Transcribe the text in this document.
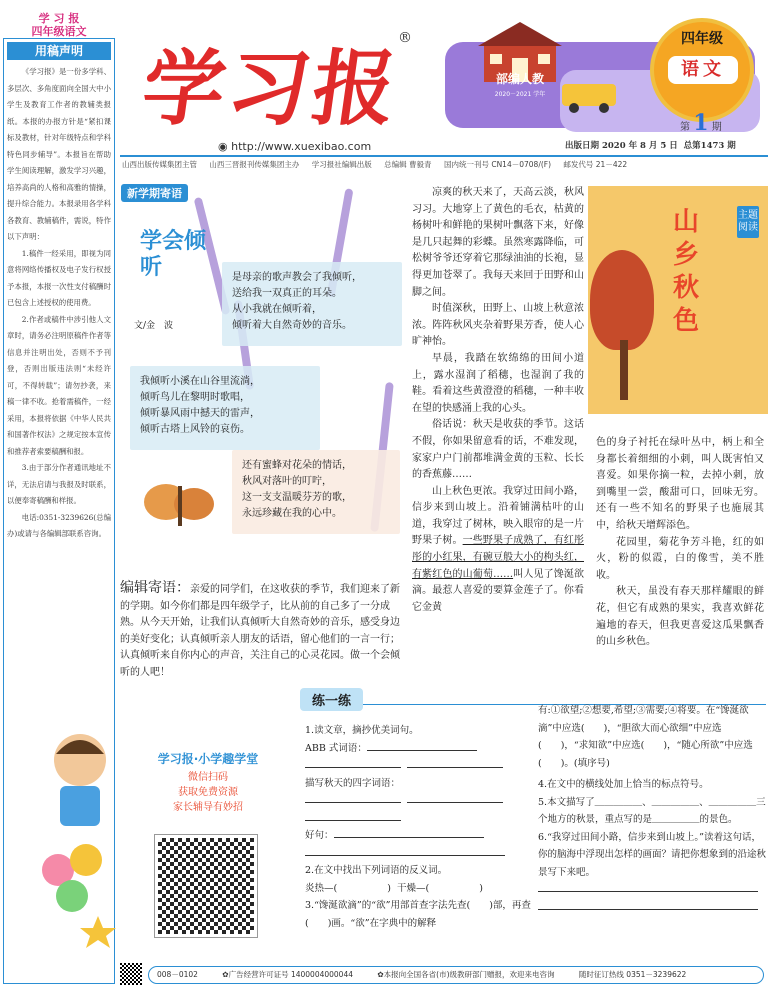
学 习 报
四年级语文
用稿声明

《学习报》是一份多学科、多层次、多角度面向全国大中小学生及教育工作者的教辅类报纸。本报的办报方针是“紧扣课标及教材，针对年级特点和学科特色同步辅导”。本报旨在帮助学生阅读理解，激发学习兴趣，培养高尚的人格和高雅的情操，提升综合能力。本报录用各学科各教育、教辅稿件，需说，特作以下声明：

1.稿件一经采用，即视为同意将网络传播权及电子发行权授予本报，本报一次性支付稿酬时已包含上述授权的使用费。

2.作者或稿件中涉引他人文章时，请务必注明原稿件作者等信息并注明出处，否则不予刊登，否则出版违法则“未经许可，不得转载”；请勿抄袭，来稿一律不收。抢着需稿件，一经采用，本报将依据《中华人民共和国著作权法》之规定按本宣传和推荐者索要稿酬和报。

3.由于部分作者通讯地址不详，无法启请与我报及时联系，以便奉寄稿酬和样报。

电话:0351-3239626(总编办)或请与各编辑部联系咨询。

学习报
®
◉ http://www.xuexibao.com
部编人教
2020－2021 学年
四年级
语文
第 1 期
出版日期 2020 年 8 月 5 日 总第1473 期
山西出版传媒集团主管 山西三晋报刊传媒集团主办 学习报社编辑出版 总编辑 曹毅青 国内统一刊号 CN14－0708/(F) 邮发代号 21－422
新学期寄语
学会倾听
文/金　波
是母亲的歌声教会了我倾听，
送给我一双真正的耳朵。
从小我就在倾听着，
倾听着大自然奇妙的音乐。
我倾听小溪在山谷里流淌，
倾听鸟儿在黎明时歌唱，
倾听暴风雨中撼天的雷声，
倾听古塔上风铃的哀伤。
还有蜜蜂对花朵的情话，
秋风对落叶的叮咛，
这一支支温暖芬芳的歌，
永远珍藏在我的心中。
编辑寄语：亲爱的同学们，在这收获的季节，我们迎来了新的学期。如今你们都是四年级学子，比从前的自己多了一分成熟。从今天开始，让我们认真倾听大自然奇妙的音乐，感受身边的美好变化；认真倾听亲人朋友的话语，留心他们的一言一行；认真倾听来自你内心的声音，关注自己的心灵花园。做一个会倾听的人吧！

凉爽的秋天来了，天高云淡，秋风习习。大地穿上了黄色的毛衣，枯黄的杨树叶和鲜艳的果树叶飘落下来，好像是几只起舞的彩蝶。虽然寒露降临，可松树爷爷还穿着它那绿油油的长袍，显得更加苍翠了。我每天来回于田野和山脚之间。

时值深秋，田野上、山坡上秋意浓浓。阵阵秋风夹杂着野果芳香，使人心旷神怡。

早晨，我踏在软绵绵的田间小道上，露水湿润了稻穗，也湿润了我的鞋。看着这些黄澄澄的稻穗，一种丰收在望的快感涌上我的心头。

俗话说：秋天是收获的季节。这话不假，你如果留意看的话，不难发现，家家户户门前都堆满金黄的玉粒、长长的香蕉藤……

山上秋色更浓。我穿过田间小路，信步来到山坡上。沿着铺满枯叶的山道，我穿过了树林，映入眼帘的是一片野果子树。一些野果子成熟了，有红彤彤的小红果，有碗豆般大小的枸头红，有紫红色的山葡萄……叫人见了馋涎欲滴。最惹人喜爱的要算金莲子了。你看它金黄

山乡秋色
主题阅读

色的身子衬托在绿叶丛中，柄上和全身都长着细细的小刺，叫人既害怕又喜爱。如果你摘一粒，去掉小刺，放到嘴里一尝，酸甜可口，回味无穷。还有一些不知名的野果子也施展其中，给秋天增辉添色。

花园里，菊花争芳斗艳，红的如火，粉的似霞，白的像雪，美不胜收。

秋天，虽没有春天那样耀眼的鲜花，但它有成熟的果实，我喜欢鲜花遍地的春天，但我更喜爱这瓜果飘香的山乡秋色。

练一练
1.读文章，摘抄优美词句。
ABB 式词语：

描写秋天的四字词语：

好句：
2.在文中找出下列词语的反义词。
炎热—(	) 干燥—(	)
3.“馋涎欲滴”的“欲”用部首查字法先查(　　)部，再查(　　)画。“欲”在字典中的解释
有:①欲望;②想要,希望;③需要;④将要。在“馋涎欲滴”中应选(　　)，“胆欲大而心欲细”中应选(　　)，“求知欲”中应选(　　)，“随心所欲”中应选(　　)。(填序号)
4.在文中的横线处加上恰当的标点符号。
5.本文描写了＿＿＿＿＿、＿＿＿＿＿、＿＿＿＿＿三个地方的秋景，重点写的是＿＿＿＿＿的景色。
6.“我穿过田间小路，信步来到山坡上。”读着这句话，你的脑海中浮现出怎样的画面？请把你想象到的沿途秋景写下来吧。
学习报·小学趣学堂
微信扫码
获取免费资源
家长辅导有妙招
008－0102	✿广告经营许可证号 1400004000044	✿本报向全国各省(市)级教研部门赠报，欢迎来电咨询	随时征订热线 0351－3239622
